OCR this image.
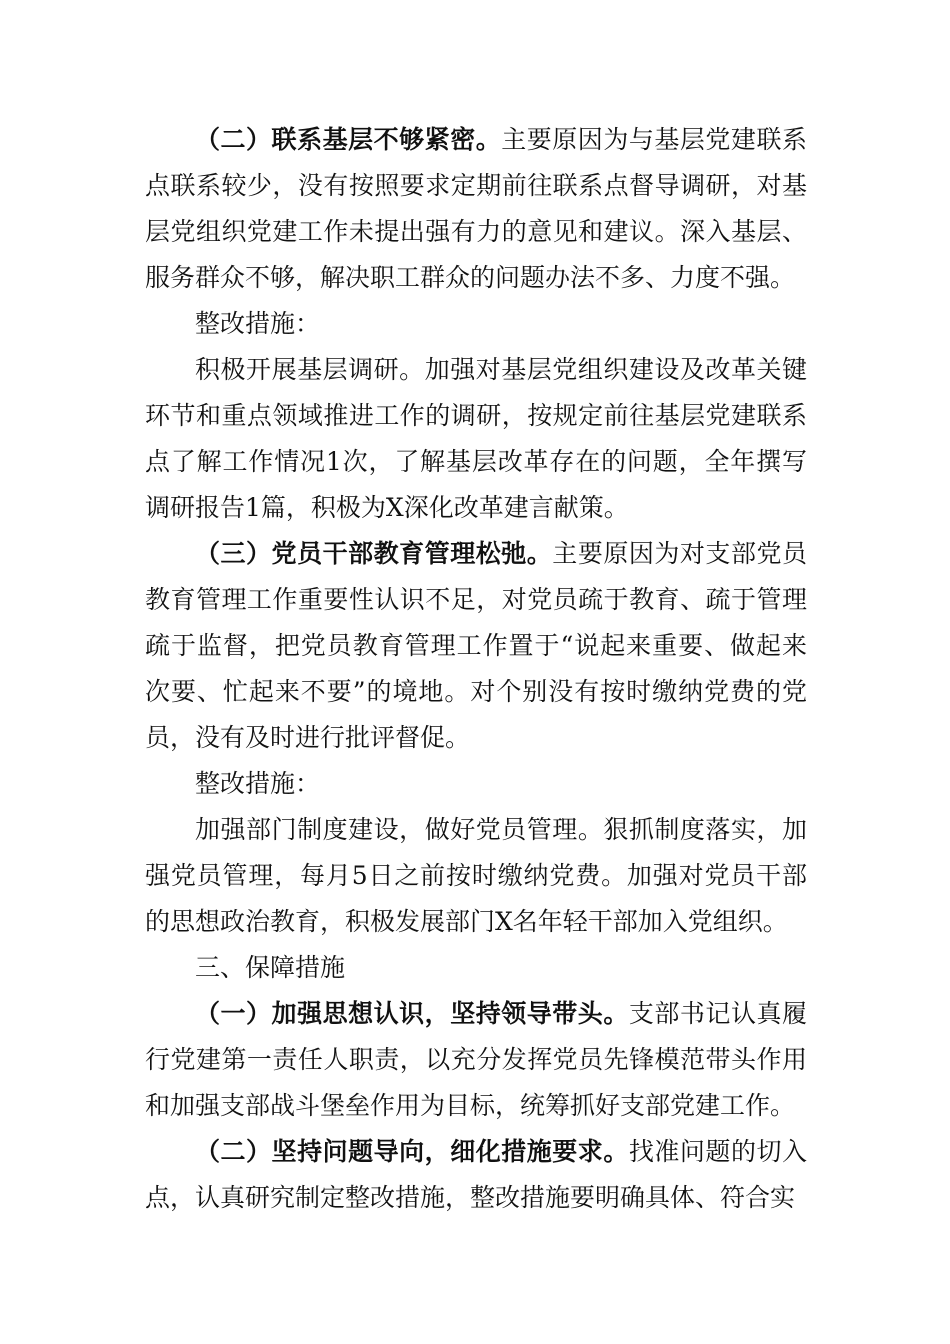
（二）联系基层不够紧密。主要原因为与基层党建联系点联系较少，没有按照要求定期前往联系点督导调研，对基层党组织党建工作未提出强有力的意见和建议。深入基层、服务群众不够，解决职工群众的问题办法不多、力度不强。

整改措施：

积极开展基层调研。加强对基层党组织建设及改革关键环节和重点领域推进工作的调研，按规定前往基层党建联系点了解工作情况1次，了解基层改革存在的问题，全年撰写调研报告1篇，积极为X深化改革建言献策。

（三）党员干部教育管理松弛。主要原因为对支部党员教育管理工作重要性认识不足，对党员疏于教育、疏于管理疏于监督，把党员教育管理工作置于“说起来重要、做起来次要、忙起来不要”的境地。对个别没有按时缴纳党费的党员，没有及时进行批评督促。

整改措施：

加强部门制度建设，做好党员管理。狠抓制度落实，加强党员管理，每月5日之前按时缴纳党费。加强对党员干部的思想政治教育，积极发展部门X名年轻干部加入党组织。

三、保障措施

（一）加强思想认识，坚持领导带头。支部书记认真履行党建第一责任人职责，以充分发挥党员先锋模范带头作用和加强支部战斗堡垒作用为目标，统筹抓好支部党建工作。

（二）坚持问题导向，细化措施要求。找准问题的切入点，认真研究制定整改措施，整改措施要明确具体、符合实
